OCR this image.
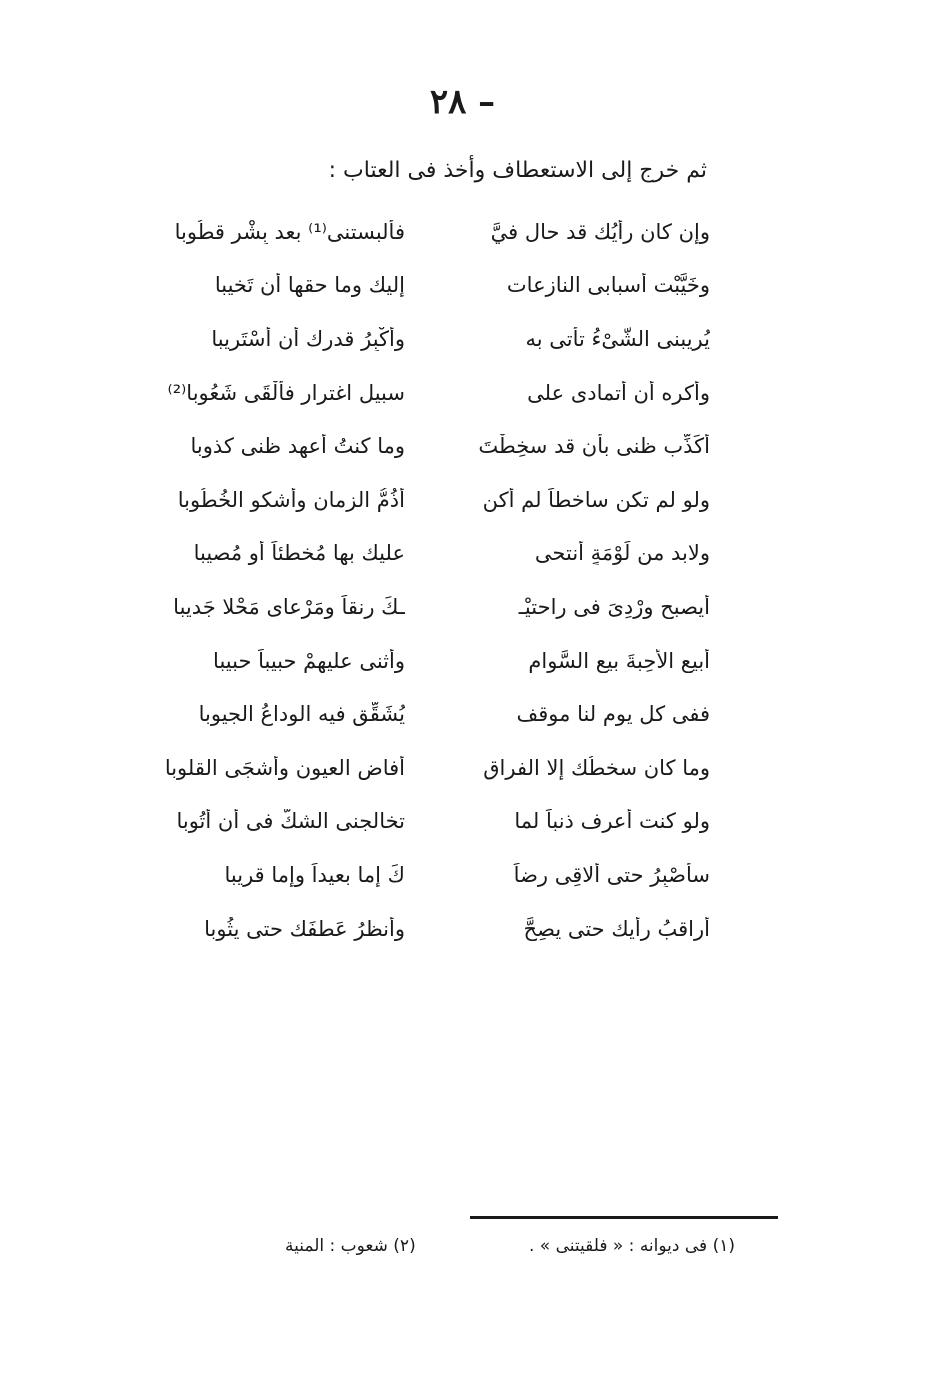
– ٢٨
ثم خرج إلى الاستعطاف وأخذ فى العتاب :
وإن كان رأيُك قد حال فيَّ
فألبستنى⁽¹⁾ بعد بِشْرٍ قطُوبا
وخَيَّبْت أسبابى النازعات
إليك وما حقها أن تَخيبا
يُريبنى الشَّىْءُ تأتى به
وأُكْبِرُ قدرك أن أسْتَريبا
وأُكره أن أتمادى على
سبيل اغترار فألْقَى شَعُوبا⁽²⁾
أُكَذِّب ظنى بأن قد سخِطْتَ
وما كنتُ أعهد ظنى كذوبا
ولو لم تكن ساخطاً لم أكن
أذُمُّ الزمان وأشكو الخُطُوبا
ولابد من لَوْمَةٍ أنتحى
عليك بها مُخطئاً أو مُصيبا
أيصبح وِرْدِىَ فى راحتيْـ
ـكَ رنقاً ومَرْعاى مَحْلا جَديبا
أبيع الأحِبةَ بيع السَّوام
وأثنى عليهمْ حبيباً حبيبا
ففى كل يوم لنا موقف
يُشَقِّق فيه الوداعُ الجيوبا
وما كان سخطُك إلا الفراق
أفاض العيون وأشجَى القلوبا
ولو كنت أعرف ذنباً لما
تخالجنى الشكُّ فى أن أتُوبا
سأصْبِرُ حتى أُلاقِى رِضاَ
كَ إما بعيداً وإما قريبا
أراقبُ رأيك حتى يصِحَّ
وأنظرُ عَطفَك حتى يثُوبا
(١) فى ديوانه : « فلقيتنى » .
(٢) شعوب : المنية
